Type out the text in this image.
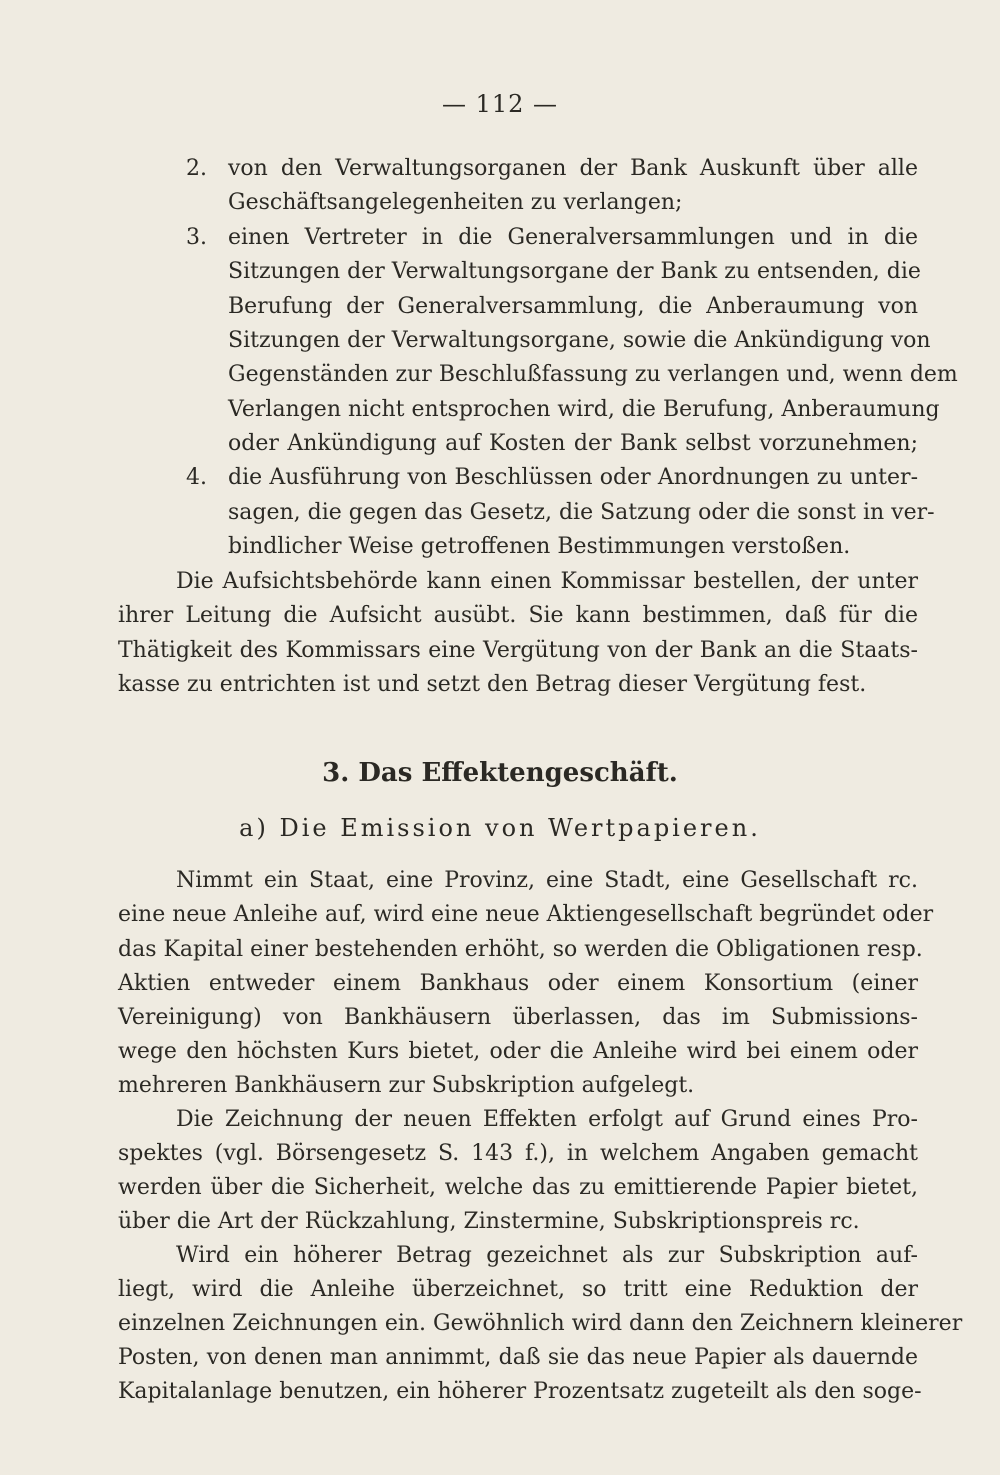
— 112 —
2. von den Verwaltungsorganen der Bank Auskunft über alle
Geschäftsangelegenheiten zu verlangen;
3. einen Vertreter in die Generalversammlungen und in die
Sitzungen der Verwaltungsorgane der Bank zu entsenden, die
Berufung der Generalversammlung, die Anberaumung von
Sitzungen der Verwaltungsorgane, sowie die Ankündigung von
Gegenständen zur Beschlußfassung zu verlangen und, wenn dem
Verlangen nicht entsprochen wird, die Berufung, Anberaumung
oder Ankündigung auf Kosten der Bank selbst vorzunehmen;
4. die Ausführung von Beschlüssen oder Anordnungen zu unter-
sagen, die gegen das Gesetz, die Satzung oder die sonst in ver-
bindlicher Weise getroffenen Bestimmungen verstoßen.
Die Aufsichtsbehörde kann einen Kommissar bestellen, der unter
ihrer Leitung die Aufsicht ausübt. Sie kann bestimmen, daß für die
Thätigkeit des Kommissars eine Vergütung von der Bank an die Staats-
kasse zu entrichten ist und setzt den Betrag dieser Vergütung fest.
3. Das Effektengeschäft.
a) Die Emission von Wertpapieren.
Nimmt ein Staat, eine Provinz, eine Stadt, eine Gesellschaft rc.
eine neue Anleihe auf, wird eine neue Aktiengesellschaft begründet oder
das Kapital einer bestehenden erhöht, so werden die Obligationen resp.
Aktien entweder einem Bankhaus oder einem Konsortium (einer
Vereinigung) von Bankhäusern überlassen, das im Submissions-
wege den höchsten Kurs bietet, oder die Anleihe wird bei einem oder
mehreren Bankhäusern zur Subskription aufgelegt.
Die Zeichnung der neuen Effekten erfolgt auf Grund eines Pro-
spektes (vgl. Börsengesetz S. 143 f.), in welchem Angaben gemacht
werden über die Sicherheit, welche das zu emittierende Papier bietet,
über die Art der Rückzahlung, Zinstermine, Subskriptionspreis rc.
Wird ein höherer Betrag gezeichnet als zur Subskription auf-
liegt, wird die Anleihe überzeichnet, so tritt eine Reduktion der
einzelnen Zeichnungen ein. Gewöhnlich wird dann den Zeichnern kleinerer
Posten, von denen man annimmt, daß sie das neue Papier als dauernde
Kapitalanlage benutzen, ein höherer Prozentsatz zugeteilt als den soge-
